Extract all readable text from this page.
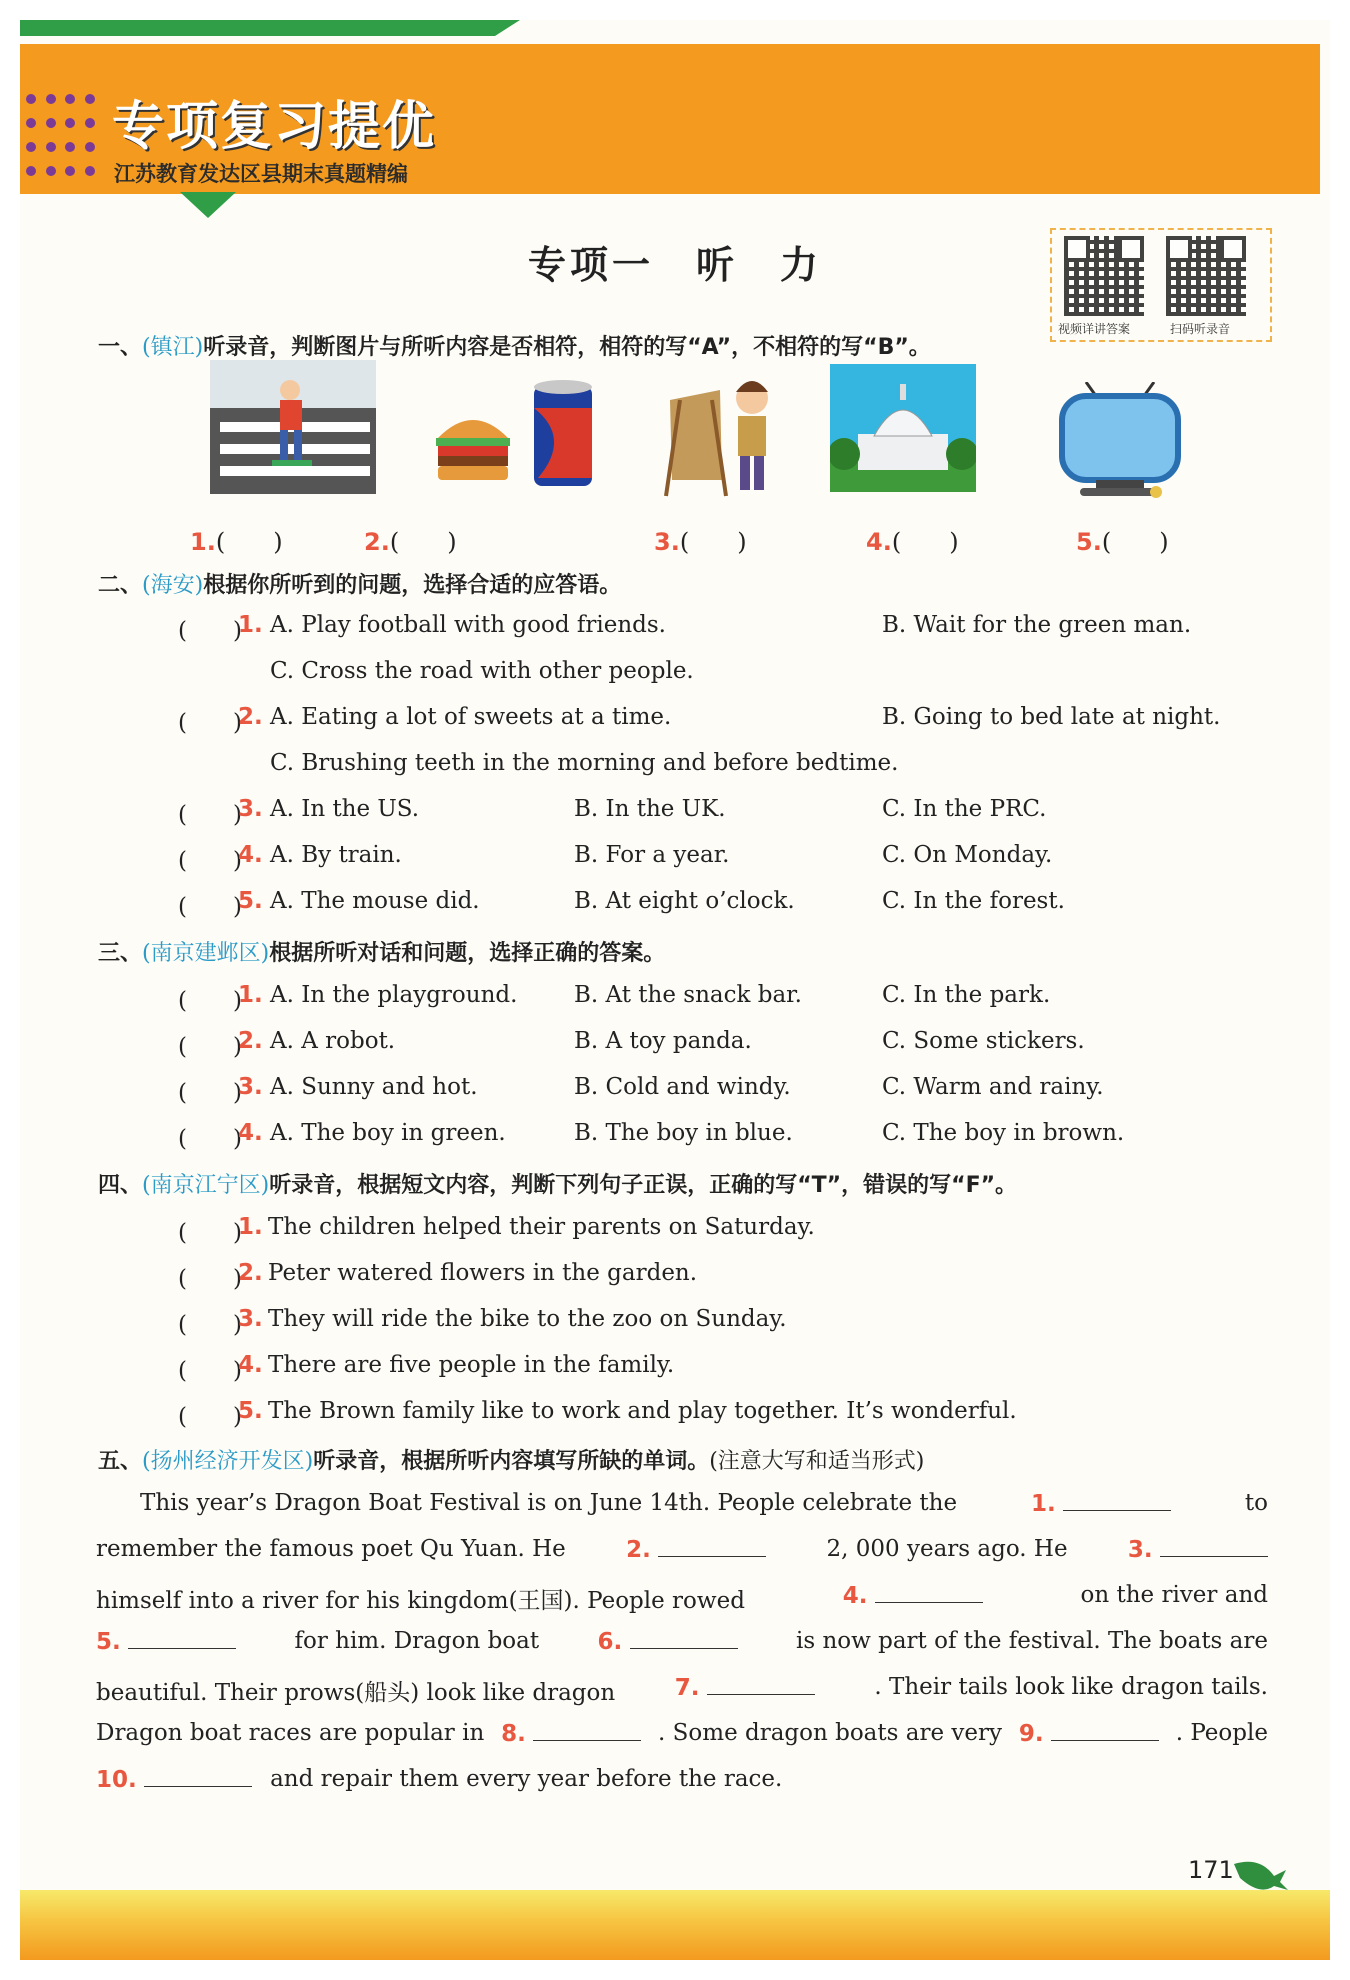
专项复习提优
江苏教育发达区县期末真题精编
专项一　听　力
视频详讲答案	扫码听录音
一、(镇江)听录音，判断图片与所听内容是否相符，相符的写“A”，不相符的写“B”。
1.(　　)	2.(　　)	3.(　　)	4.(　　)	5.(　　)
二、(海安)根据你所听到的问题，选择合适的应答语。
(　　)
1. A. Play football with good friends.	B. Wait for the green man.
C. Cross the road with other people.
(　　)
2. A. Eating a lot of sweets at a time.	B. Going to bed late at night.
C. Brushing teeth in the morning and before bedtime.
(　　)
3. A. In the US.	B. In the UK.	C. In the PRC.
(　　)
4. A. By train.	B. For a year.	C. On Monday.
(　　)
5. A. The mouse did.	B. At eight o’clock.	C. In the forest.
三、(南京建邺区)根据所听对话和问题，选择正确的答案。
(　　)
1. A. In the playground. B. At the snack bar.	C. In the park.
(　　)
2. A. A robot.	B. A toy panda.	C. Some stickers.
(　　)
3. A. Sunny and hot.	B. Cold and windy.	C. Warm and rainy.
(　　)
4. A. The boy in green.	B. The boy in blue.	C. The boy in brown.
四、(南京江宁区)听录音，根据短文内容，判断下列句子正误，正确的写“T”，错误的写“F”。
(　　)
1. The children helped their parents on Saturday.
(　　)
2. Peter watered flowers in the garden.
(　　)
3. They will ride the bike to the zoo on Sunday.
(　　)
4. There are five people in the family.
(　　)
5. The Brown family like to work and play together. It’s wonderful.
五、(扬州经济开发区)听录音，根据所听内容填写所缺的单词。(注意大写和适当形式)
This year’s Dragon Boat Festival is on June 14th. People celebrate the	1.	to
remember the famous poet Qu Yuan. He	2.	2, 000 years ago. He	3.
himself into a river for his kingdom(王国). People rowed	4.	on the river and
5.	for him. Dragon boat	6.	is now part of the festival. The boats are
beautiful. Their prows(船头) look like dragon	7.	. Their tails look like dragon tails.
Dragon boat races are popular in 8.	. Some dragon boats are very 9.	. People
10.	and repair them every year before the race.
171
